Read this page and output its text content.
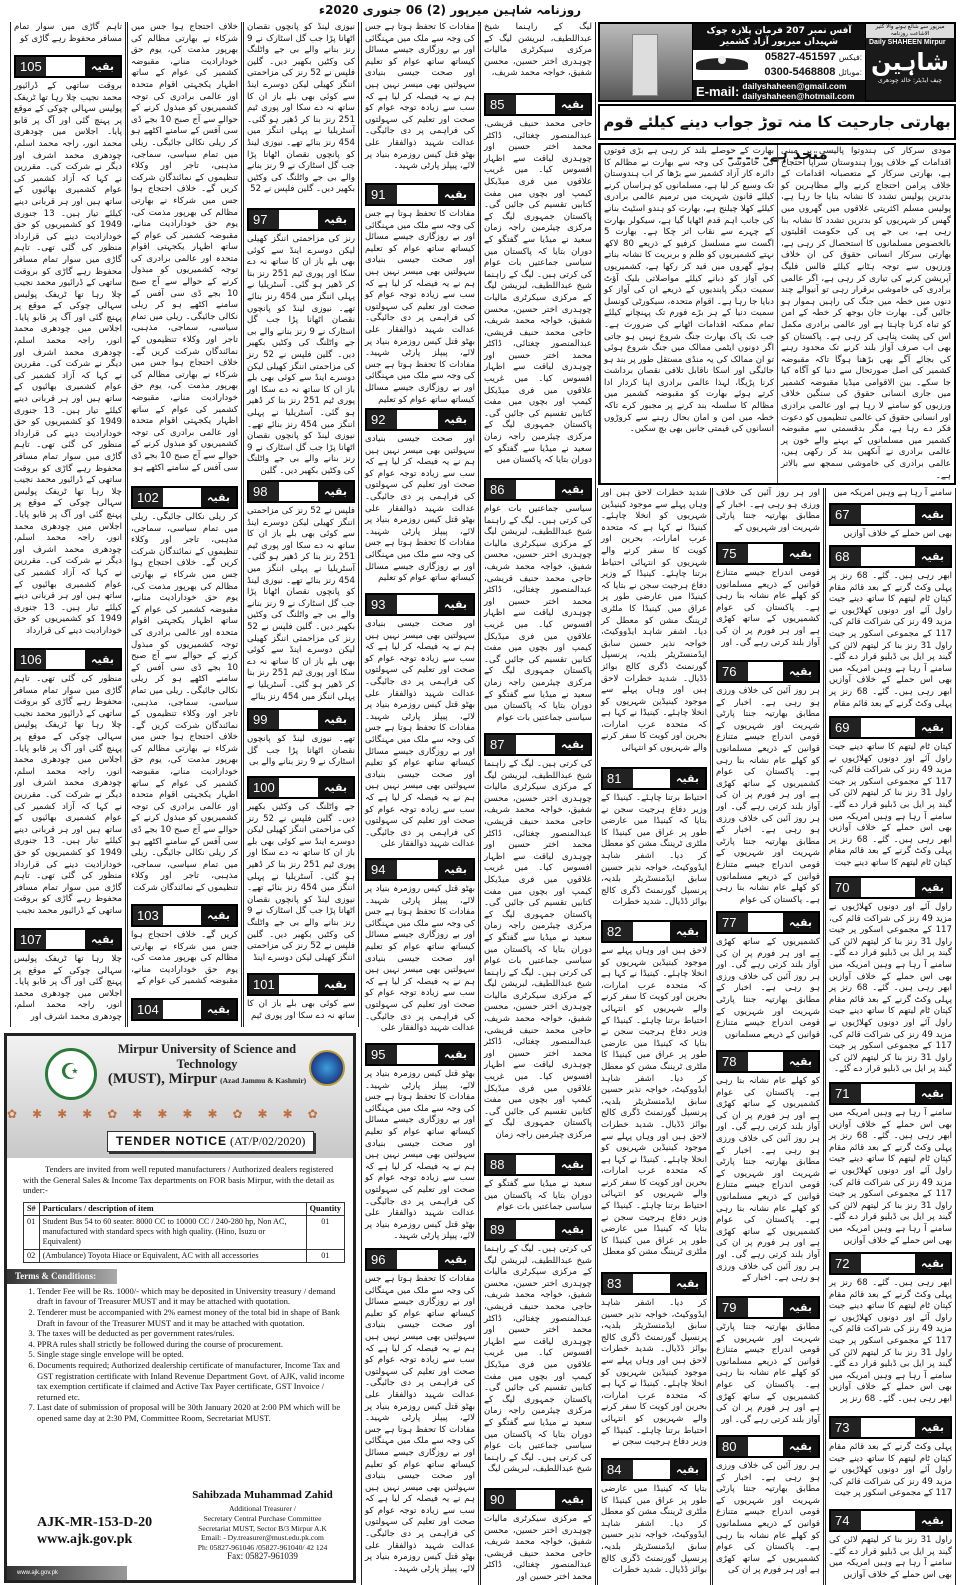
روزنامہ شاہین میرپور (2) 06 جنوری 2020ء
تاہم گاڑی میں سوار تمام مسافر محفوظ رہے گاڑی کو
105	بقیہ
بروقت ساتھی کے ڈرائیور محمد نجیب چلا رہا تھا ٹریفک پولیس سہالی چوکی کے موقع پر پہنچ گئی اور آگ پر قابو پایا۔ اجلاس میں چودھری محمد انور، راجہ محمد اسلم، چودھری محمد اشرف اور دیگر نے شرکت کی۔ مقررین نے کہا کہ آزاد کشمیر کی عوام کشمیری بھائیوں کے ساتھ ہیں اور ہر قربانی دینے کیلئے تیار ہیں۔ 13 جنوری 1949 کو کشمیریوں کو حق خودارادیت دینے کی قرارداد منظور کی گئی تھی۔ تاہم گاڑی میں سوار تمام مسافر محفوظ رہے گاڑی کو بروقت ساتھی کے ڈرائیور محمد نجیب چلا رہا تھا ٹریفک پولیس سہالی چوکی کے موقع پر پہنچ گئی اور آگ پر قابو پایا۔ اجلاس میں چودھری محمد انور، راجہ محمد اسلم، چودھری محمد اشرف اور دیگر نے شرکت کی۔ مقررین نے کہا کہ آزاد کشمیر کی عوام کشمیری بھائیوں کے ساتھ ہیں اور ہر قربانی دینے کیلئے تیار ہیں۔ 13 جنوری 1949 کو کشمیریوں کو حق خودارادیت دینے کی قرارداد منظور کی گئی تھی۔ تاہم گاڑی میں سوار تمام مسافر محفوظ رہے گاڑی کو بروقت ساتھی کے ڈرائیور محمد نجیب چلا رہا تھا ٹریفک پولیس سہالی چوکی کے موقع پر پہنچ گئی اور آگ پر قابو پایا۔ اجلاس میں چودھری محمد انور، راجہ محمد اسلم، چودھری محمد اشرف اور دیگر نے شرکت کی۔ مقررین نے کہا کہ آزاد کشمیر کی عوام کشمیری بھائیوں کے ساتھ ہیں اور ہر قربانی دینے کیلئے تیار ہیں۔ 13 جنوری 1949 کو کشمیریوں کو حق خودارادیت دینے کی قرارداد
106	بقیہ
منظور کی گئی تھی۔ تاہم گاڑی میں سوار تمام مسافر محفوظ رہے گاڑی کو بروقت ساتھی کے ڈرائیور محمد نجیب چلا رہا تھا ٹریفک پولیس سہالی چوکی کے موقع پر پہنچ گئی اور آگ پر قابو پایا۔ اجلاس میں چودھری محمد انور، راجہ محمد اسلم، چودھری محمد اشرف اور دیگر نے شرکت کی۔ مقررین نے کہا کہ آزاد کشمیر کی عوام کشمیری بھائیوں کے ساتھ ہیں اور ہر قربانی دینے کیلئے تیار ہیں۔ 13 جنوری 1949 کو کشمیریوں کو حق خودارادیت دینے کی قرارداد منظور کی گئی تھی۔ تاہم گاڑی میں سوار تمام مسافر محفوظ رہے گاڑی کو بروقت ساتھی کے ڈرائیور محمد نجیب
107	بقیہ
چلا رہا تھا ٹریفک پولیس سہالی چوکی کے موقع پر پہنچ گئی اور آگ پر قابو پایا۔ اجلاس میں چودھری محمد انور، راجہ محمد اسلم، چودھری محمد اشرف اور
خلاف احتجاج ہوا جس میں شرکاء نے بھارتی مظالم کی بھرپور مذمت کی، یوم حق خودارادیت منانے، مقبوضہ کشمیر کی عوام کے ساتھ اظہار یکجہتی اقوام متحدہ اور عالمی برادری کی توجہ کشمیریوں کو مبذول کرنے کے حوالے سے آج صبح 10 بجے ڈی سی آفس کے سامنے اکٹھے ہو کر ریلی نکالی جائیگی۔ ریلی میں تمام سیاسی، سماجی، مذہبی، تاجر اور وکلاء تنظیموں کے نمائندگان شرکت کریں گے۔ خلاف احتجاج ہوا جس میں شرکاء نے بھارتی مظالم کی بھرپور مذمت کی، یوم حق خودارادیت منانے، مقبوضہ کشمیر کی عوام کے ساتھ اظہار یکجہتی اقوام متحدہ اور عالمی برادری کی توجہ کشمیریوں کو مبذول کرنے کے حوالے سے آج صبح 10 بجے ڈی سی آفس کے سامنے اکٹھے ہو کر ریلی نکالی جائیگی۔ ریلی میں تمام سیاسی، سماجی، مذہبی، تاجر اور وکلاء تنظیموں کے نمائندگان شرکت کریں گے۔ خلاف احتجاج ہوا جس میں شرکاء نے بھارتی مظالم کی بھرپور مذمت کی، یوم حق خودارادیت منانے، مقبوضہ کشمیر کی عوام کے ساتھ اظہار یکجہتی اقوام متحدہ اور عالمی برادری کی توجہ کشمیریوں کو مبذول کرنے کے حوالے سے آج صبح 10 بجے ڈی سی آفس کے سامنے اکٹھے ہو
102	بقیہ
کر ریلی نکالی جائیگی۔ ریلی میں تمام سیاسی، سماجی، مذہبی، تاجر اور وکلاء تنظیموں کے نمائندگان شرکت کریں گے۔ خلاف احتجاج ہوا جس میں شرکاء نے بھارتی مظالم کی بھرپور مذمت کی، یوم حق خودارادیت منانے، مقبوضہ کشمیر کی عوام کے ساتھ اظہار یکجہتی اقوام متحدہ اور عالمی برادری کی توجہ کشمیریوں کو مبذول کرنے کے حوالے سے آج صبح 10 بجے ڈی سی آفس کے سامنے اکٹھے ہو کر ریلی نکالی جائیگی۔ ریلی میں تمام سیاسی، سماجی، مذہبی، تاجر اور وکلاء تنظیموں کے نمائندگان شرکت کریں گے۔ خلاف احتجاج ہوا جس میں شرکاء نے بھارتی مظالم کی بھرپور مذمت کی، یوم حق خودارادیت منانے، مقبوضہ کشمیر کی عوام کے ساتھ اظہار یکجہتی اقوام متحدہ اور عالمی برادری کی توجہ کشمیریوں کو مبذول کرنے کے حوالے سے آج صبح 10 بجے ڈی سی آفس کے سامنے اکٹھے ہو کر ریلی نکالی جائیگی۔ ریلی میں تمام سیاسی، سماجی، مذہبی، تاجر اور وکلاء تنظیموں کے نمائندگان شرکت
103	بقیہ
کریں گے۔ خلاف احتجاج ہوا جس میں شرکاء نے بھارتی مظالم کی بھرپور مذمت کی، یوم حق خودارادیت منانے، مقبوضہ کشمیر کی عوام کے
104	بقیہ
نیوزی لینڈ کو پانچوں نقصان اٹھانا پڑا جب گل اسٹارک نے 9 رنز بنانے والے بی جے واٹلنگ کی وکٹیں بکھیر دیں۔ گلین فلپس نے 52 رنز کی مزاحمتی اننگز کھیلی لیکن دوسرے اینڈ سے کوئی بھی بلے باز ان کا ساتھ نہ دے سکا اور پوری ٹیم 251 رنز بنا کر ڈھیر ہو گئی۔ آسٹریلیا نے پہلی اننگز میں 454 رنز بنائے تھے۔ نیوزی لینڈ کو پانچوں نقصان اٹھانا پڑا جب گل اسٹارک نے 9 رنز بنانے والے بی جے واٹلنگ کی وکٹیں بکھیر دیں۔ گلین فلپس نے 52
97	بقیہ
رنز کی مزاحمتی اننگز کھیلی لیکن دوسرے اینڈ سے کوئی بھی بلے باز ان کا ساتھ نہ دے سکا اور پوری ٹیم 251 رنز بنا کر ڈھیر ہو گئی۔ آسٹریلیا نے پہلی اننگز میں 454 رنز بنائے تھے۔ نیوزی لینڈ کو پانچوں نقصان اٹھانا پڑا جب گل اسٹارک نے 9 رنز بنانے والے بی جے واٹلنگ کی وکٹیں بکھیر دیں۔ گلین فلپس نے 52 رنز کی مزاحمتی اننگز کھیلی لیکن دوسرے اینڈ سے کوئی بھی بلے باز ان کا ساتھ نہ دے سکا اور پوری ٹیم 251 رنز بنا کر ڈھیر ہو گئی۔ آسٹریلیا نے پہلی اننگز میں 454 رنز بنائے تھے۔ نیوزی لینڈ کو پانچوں نقصان اٹھانا پڑا جب گل اسٹارک نے 9 رنز بنانے والے بی جے واٹلنگ کی وکٹیں بکھیر دیں۔ گلین
98	بقیہ
فلپس نے 52 رنز کی مزاحمتی اننگز کھیلی لیکن دوسرے اینڈ سے کوئی بھی بلے باز ان کا ساتھ نہ دے سکا اور پوری ٹیم 251 رنز بنا کر ڈھیر ہو گئی۔ آسٹریلیا نے پہلی اننگز میں 454 رنز بنائے تھے۔ نیوزی لینڈ کو پانچوں نقصان اٹھانا پڑا جب گل اسٹارک نے 9 رنز بنانے والے بی جے واٹلنگ کی وکٹیں بکھیر دیں۔ گلین فلپس نے 52 رنز کی مزاحمتی اننگز کھیلی لیکن دوسرے اینڈ سے کوئی بھی بلے باز ان کا ساتھ نہ دے سکا اور پوری ٹیم 251 رنز بنا کر ڈھیر ہو گئی۔ آسٹریلیا نے پہلی اننگز میں 454 رنز بنائے
99	بقیہ
تھے۔ نیوزی لینڈ کو پانچوں نقصان اٹھانا پڑا جب گل اسٹارک نے 9 رنز بنانے والے بی
100	بقیہ
جے واٹلنگ کی وکٹیں بکھیر دیں۔ گلین فلپس نے 52 رنز کی مزاحمتی اننگز کھیلی لیکن دوسرے اینڈ سے کوئی بھی بلے باز ان کا ساتھ نہ دے سکا اور پوری ٹیم 251 رنز بنا کر ڈھیر ہو گئی۔ آسٹریلیا نے پہلی اننگز میں 454 رنز بنائے تھے۔ نیوزی لینڈ کو پانچوں نقصان اٹھانا پڑا جب گل اسٹارک نے 9 رنز بنانے والے بی جے واٹلنگ کی وکٹیں بکھیر دیں۔ گلین فلپس نے 52 رنز کی مزاحمتی اننگز کھیلی لیکن دوسرے اینڈ
101	بقیہ
سے کوئی بھی بلے باز ان کا ساتھ نہ دے سکا اور پوری ٹیم
مفادات کا تحفظ ہوتا ہے جس کی وجہ سے ملک میں مہنگائی اور بے روزگاری جیسے مسائل کیساتھ ساتھ عوام کو تعلیم اور صحت جیسی بنیادی سہولتیں بھی میسر نہیں ہیں ہم نے یہ فیصلہ کر لیا ہے کہ سب سے زیادہ توجہ عوام کو صحت اور تعلیم کی سہولتوں کی فراہمی پر دی جائیگی۔ عدالت شہید ذوالفقار علی بھٹو قتل کیس روزمرہ بنیاد پر لائے، پیپلز پارٹی شہید۔
91	بقیہ
مفادات کا تحفظ ہوتا ہے جس کی وجہ سے ملک میں مہنگائی اور بے روزگاری جیسے مسائل کیساتھ ساتھ عوام کو تعلیم اور صحت جیسی بنیادی سہولتیں بھی میسر نہیں ہیں ہم نے یہ فیصلہ کر لیا ہے کہ سب سے زیادہ توجہ عوام کو صحت اور تعلیم کی سہولتوں کی فراہمی پر دی جائیگی۔ عدالت شہید ذوالفقار علی بھٹو قتل کیس روزمرہ بنیاد پر لائے، پیپلز پارٹی شہید۔ مفادات کا تحفظ ہوتا ہے جس کی وجہ سے ملک میں مہنگائی اور بے روزگاری جیسے مسائل کیساتھ ساتھ عوام کو تعلیم
92	بقیہ
اور صحت جیسی بنیادی سہولتیں بھی میسر نہیں ہیں ہم نے یہ فیصلہ کر لیا ہے کہ سب سے زیادہ توجہ عوام کو صحت اور تعلیم کی سہولتوں کی فراہمی پر دی جائیگی۔ عدالت شہید ذوالفقار علی بھٹو قتل کیس روزمرہ بنیاد پر لائے، پیپلز پارٹی شہید۔ مفادات کا تحفظ ہوتا ہے جس کی وجہ سے ملک میں مہنگائی اور بے روزگاری جیسے مسائل کیساتھ ساتھ عوام کو تعلیم
93	بقیہ
اور صحت جیسی بنیادی سہولتیں بھی میسر نہیں ہیں ہم نے یہ فیصلہ کر لیا ہے کہ سب سے زیادہ توجہ عوام کو صحت اور تعلیم کی سہولتوں کی فراہمی پر دی جائیگی۔ عدالت شہید ذوالفقار علی بھٹو قتل کیس روزمرہ بنیاد پر لائے، پیپلز پارٹی شہید۔ مفادات کا تحفظ ہوتا ہے جس کی وجہ سے ملک میں مہنگائی اور بے روزگاری جیسے مسائل کیساتھ ساتھ عوام کو تعلیم اور صحت جیسی بنیادی سہولتیں بھی میسر نہیں ہیں ہم نے یہ فیصلہ کر لیا ہے کہ سب سے زیادہ توجہ عوام کو صحت اور تعلیم کی سہولتوں کی فراہمی پر دی جائیگی۔ عدالت شہید ذوالفقار علی
94	بقیہ
بھٹو قتل کیس روزمرہ بنیاد پر لائے، پیپلز پارٹی شہید۔ مفادات کا تحفظ ہوتا ہے جس کی وجہ سے ملک میں مہنگائی اور بے روزگاری جیسے مسائل کیساتھ ساتھ عوام کو تعلیم اور صحت جیسی بنیادی سہولتیں بھی میسر نہیں ہیں ہم نے یہ فیصلہ کر لیا ہے کہ سب سے زیادہ توجہ عوام کو صحت اور تعلیم کی سہولتوں کی فراہمی پر دی جائیگی۔ عدالت شہید ذوالفقار علی
95	بقیہ
بھٹو قتل کیس روزمرہ بنیاد پر لائے، پیپلز پارٹی شہید۔ مفادات کا تحفظ ہوتا ہے جس کی وجہ سے ملک میں مہنگائی اور بے روزگاری جیسے مسائل کیساتھ ساتھ عوام کو تعلیم اور صحت جیسی بنیادی سہولتیں بھی میسر نہیں ہیں ہم نے یہ فیصلہ کر لیا ہے کہ سب سے زیادہ توجہ عوام کو صحت اور تعلیم کی سہولتوں کی فراہمی پر دی جائیگی۔ عدالت شہید ذوالفقار علی بھٹو قتل کیس روزمرہ بنیاد پر لائے، پیپلز پارٹی شہید۔
96	بقیہ
مفادات کا تحفظ ہوتا ہے جس کی وجہ سے ملک میں مہنگائی اور بے روزگاری جیسے مسائل کیساتھ ساتھ عوام کو تعلیم اور صحت جیسی بنیادی سہولتیں بھی میسر نہیں ہیں ہم نے یہ فیصلہ کر لیا ہے کہ سب سے زیادہ توجہ عوام کو صحت اور تعلیم کی سہولتوں کی فراہمی پر دی جائیگی۔ عدالت شہید ذوالفقار علی بھٹو قتل کیس روزمرہ بنیاد پر لائے، پیپلز پارٹی شہید۔ مفادات کا تحفظ ہوتا ہے جس کی وجہ سے ملک میں مہنگائی اور بے روزگاری جیسے مسائل کیساتھ ساتھ عوام کو تعلیم اور صحت جیسی بنیادی سہولتیں بھی میسر نہیں ہیں ہم نے یہ فیصلہ کر لیا ہے کہ سب سے زیادہ توجہ عوام کو صحت اور تعلیم کی سہولتوں کی فراہمی پر دی جائیگی۔ عدالت شہید ذوالفقار علی بھٹو قتل کیس روزمرہ بنیاد پر لائے، پیپلز پارٹی شہید۔
لیگ کے راہنما شیخ عبداللطیف، لبریشن لیگ کے مرکزی سیکرٹری مالیات چوہدری اختر حسین، محسن شفیق، خواجہ محمد شریف،
85	بقیہ
حاجی محمد حنیف قریشی، عبدالمنصور چغتائی، ڈاکٹر محمد اختر حسین اور چوہدری لیاقت سے اظہار افسوس کیا۔ میں غریب علاقوں میں فری میڈیکل کیمپ اور بچوں میں مفت کتابیں تقسیم کی جائیں گی۔ پاکستان جمہوری لیگ کے مرکزی چیئرمین راجہ زمان سعید نے میڈیا سے گفتگو کے دوران بتایا کہ پاکستان میں سیاسی جماعتیں بات عوام کی کرتی ہیں۔ لیگ کے راہنما شیخ عبداللطیف، لبریشن لیگ کے مرکزی سیکرٹری مالیات چوہدری اختر حسین، محسن شفیق، خواجہ محمد شریف، حاجی محمد حنیف قریشی، عبدالمنصور چغتائی، ڈاکٹر محمد اختر حسین اور چوہدری لیاقت سے اظہار افسوس کیا۔ میں غریب علاقوں میں فری میڈیکل کیمپ اور بچوں میں مفت کتابیں تقسیم کی جائیں گی۔ پاکستان جمہوری لیگ کے مرکزی چیئرمین راجہ زمان سعید نے میڈیا سے گفتگو کے دوران بتایا کہ پاکستان میں
86	بقیہ
سیاسی جماعتیں بات عوام کی کرتی ہیں۔ لیگ کے راہنما شیخ عبداللطیف، لبریشن لیگ کے مرکزی سیکرٹری مالیات چوہدری اختر حسین، محسن شفیق، خواجہ محمد شریف، حاجی محمد حنیف قریشی، عبدالمنصور چغتائی، ڈاکٹر محمد اختر حسین اور چوہدری لیاقت سے اظہار افسوس کیا۔ میں غریب علاقوں میں فری میڈیکل کیمپ اور بچوں میں مفت کتابیں تقسیم کی جائیں گی۔ پاکستان جمہوری لیگ کے مرکزی چیئرمین راجہ زمان سعید نے میڈیا سے گفتگو کے دوران بتایا کہ پاکستان میں سیاسی جماعتیں بات عوام
87	بقیہ
کی کرتی ہیں۔ لیگ کے راہنما شیخ عبداللطیف، لبریشن لیگ کے مرکزی سیکرٹری مالیات چوہدری اختر حسین، محسن شفیق، خواجہ محمد شریف، حاجی محمد حنیف قریشی، عبدالمنصور چغتائی، ڈاکٹر محمد اختر حسین اور چوہدری لیاقت سے اظہار افسوس کیا۔ میں غریب علاقوں میں فری میڈیکل کیمپ اور بچوں میں مفت کتابیں تقسیم کی جائیں گی۔ پاکستان جمہوری لیگ کے مرکزی چیئرمین راجہ زمان سعید نے میڈیا سے گفتگو کے دوران بتایا کہ پاکستان میں سیاسی جماعتیں بات عوام کی کرتی ہیں۔ لیگ کے راہنما شیخ عبداللطیف، لبریشن لیگ کے مرکزی سیکرٹری مالیات چوہدری اختر حسین، محسن شفیق، خواجہ محمد شریف، حاجی محمد حنیف قریشی، عبدالمنصور چغتائی، ڈاکٹر محمد اختر حسین اور چوہدری لیاقت سے اظہار افسوس کیا۔ میں غریب علاقوں میں فری میڈیکل کیمپ اور بچوں میں مفت کتابیں تقسیم کی جائیں گی۔ پاکستان جمہوری لیگ کے مرکزی چیئرمین راجہ زمان
88	بقیہ
سعید نے میڈیا سے گفتگو کے دوران بتایا کہ پاکستان میں سیاسی جماعتیں بات عوام
89	بقیہ
کی کرتی ہیں۔ لیگ کے راہنما شیخ عبداللطیف، لبریشن لیگ کے مرکزی سیکرٹری مالیات چوہدری اختر حسین، محسن شفیق، خواجہ محمد شریف، حاجی محمد حنیف قریشی، عبدالمنصور چغتائی، ڈاکٹر محمد اختر حسین اور چوہدری لیاقت سے اظہار افسوس کیا۔ میں غریب علاقوں میں فری میڈیکل کیمپ اور بچوں میں مفت کتابیں تقسیم کی جائیں گی۔ پاکستان جمہوری لیگ کے مرکزی چیئرمین راجہ زمان سعید نے میڈیا سے گفتگو کے دوران بتایا کہ پاکستان میں سیاسی جماعتیں بات عوام کی کرتی ہیں۔ لیگ کے راہنما شیخ عبداللطیف، لبریشن لیگ
90	بقیہ
کے مرکزی سیکرٹری مالیات چوہدری اختر حسین، محسن شفیق، خواجہ محمد شریف، حاجی محمد حنیف قریشی، عبدالمنصور چغتائی، ڈاکٹر محمد اختر حسین اور
شدید خطرات لاحق ہیں اور وہاں پہلے سے موجود کینیڈین شہریوں کو انخلا چاہئے۔ کینیڈا نے کہا ہے کہ متحدہ عرب امارات، بحرین اور کویت کا سفر کرنے والے شہریوں کو انتہائی احتیاط برتنا چاہئے۔ کینیڈا کے وزیر دفاع ہرجیت سجن نے بتایا کہ کینیڈا میں عارضی طور پر عراق میں کینیڈا کا ملٹری ٹریننگ مشن کو معطل کر دیا۔ اشفر شاہد ایڈووکیٹ، خواجہ نذیر حسین سابق ایڈمنسٹریٹر بلدیہ، پرنسپل گورنمنٹ ڈگری کالج بوائز ڈڈیال۔ شدید خطرات لاحق ہیں اور وہاں پہلے سے موجود کینیڈین شہریوں کو انخلا چاہئے۔ کینیڈا نے کہا ہے کہ متحدہ عرب امارات، بحرین اور کویت کا سفر کرنے والے شہریوں کو انتہائی
81	بقیہ
احتیاط برتنا چاہئے۔ کینیڈا کے وزیر دفاع ہرجیت سجن نے بتایا کہ کینیڈا میں عارضی طور پر عراق میں کینیڈا کا ملٹری ٹریننگ مشن کو معطل کر دیا۔ اشفر شاہد ایڈووکیٹ، خواجہ نذیر حسین سابق ایڈمنسٹریٹر بلدیہ، پرنسپل گورنمنٹ ڈگری کالج بوائز ڈڈیال۔ شدید خطرات
82	بقیہ
لاحق ہیں اور وہاں پہلے سے موجود کینیڈین شہریوں کو انخلا چاہئے۔ کینیڈا نے کہا ہے کہ متحدہ عرب امارات، بحرین اور کویت کا سفر کرنے والے شہریوں کو انتہائی احتیاط برتنا چاہئے۔ کینیڈا کے وزیر دفاع ہرجیت سجن نے بتایا کہ کینیڈا میں عارضی طور پر عراق میں کینیڈا کا ملٹری ٹریننگ مشن کو معطل کر دیا۔ اشفر شاہد ایڈووکیٹ، خواجہ نذیر حسین سابق ایڈمنسٹریٹر بلدیہ، پرنسپل گورنمنٹ ڈگری کالج بوائز ڈڈیال۔ شدید خطرات لاحق ہیں اور وہاں پہلے سے موجود کینیڈین شہریوں کو انخلا چاہئے۔ کینیڈا نے کہا ہے کہ متحدہ عرب امارات، بحرین اور کویت کا سفر کرنے والے شہریوں کو انتہائی احتیاط برتنا چاہئے۔ کینیڈا کے وزیر دفاع ہرجیت سجن نے بتایا کہ کینیڈا میں عارضی طور پر عراق میں کینیڈا کا ملٹری ٹریننگ مشن کو معطل
83	بقیہ
کر دیا۔ اشفر شاہد ایڈووکیٹ، خواجہ نذیر حسین سابق ایڈمنسٹریٹر بلدیہ، پرنسپل گورنمنٹ ڈگری کالج بوائز ڈڈیال۔ شدید خطرات لاحق ہیں اور وہاں پہلے سے موجود کینیڈین شہریوں کو انخلا چاہئے۔ کینیڈا نے کہا ہے کہ متحدہ عرب امارات، بحرین اور کویت کا سفر کرنے والے شہریوں کو انتہائی احتیاط برتنا چاہئے۔ کینیڈا کے وزیر دفاع ہرجیت سجن نے
84	بقیہ
بتایا کہ کینیڈا میں عارضی طور پر عراق میں کینیڈا کا ملٹری ٹریننگ مشن کو معطل کر دیا۔ اشفر شاہد ایڈووکیٹ، خواجہ نذیر حسین سابق ایڈمنسٹریٹر بلدیہ، پرنسپل گورنمنٹ ڈگری کالج بوائز ڈڈیال۔ شدید خطرات
اور ہر روز آئین کی خلاف ورزی ہو رہی ہے۔ اخبار کے مطابق بھارتیہ جنتا پارٹی شہریت اور شہریوں کے
75	بقیہ
قومی اندراج جیسے متنازع قوانین کے ذریعے مسلمانوں کو کھلے عام نشانہ بنا رہی ہے۔ پاکستان کی عوام کشمیریوں کے ساتھ کھڑی ہے اور ہر فورم پر ان کی آواز بلند کرتی رہے گی۔ اور
76	بقیہ
ہر روز آئین کی خلاف ورزی ہو رہی ہے۔ اخبار کے مطابق بھارتیہ جنتا پارٹی شہریت اور شہریوں کے قومی اندراج جیسے متنازع قوانین کے ذریعے مسلمانوں کو کھلے عام نشانہ بنا رہی ہے۔ پاکستان کی عوام کشمیریوں کے ساتھ کھڑی ہے اور ہر فورم پر ان کی آواز بلند کرتی رہے گی۔ اور ہر روز آئین کی خلاف ورزی ہو رہی ہے۔ اخبار کے مطابق بھارتیہ جنتا پارٹی شہریت اور شہریوں کے قومی اندراج جیسے متنازع قوانین کے ذریعے مسلمانوں کو کھلے عام نشانہ بنا رہی ہے۔ پاکستان کی عوام
77	بقیہ
کشمیریوں کے ساتھ کھڑی ہے اور ہر فورم پر ان کی آواز بلند کرتی رہے گی۔ اور ہر روز آئین کی خلاف ورزی ہو رہی ہے۔ اخبار کے مطابق بھارتیہ جنتا پارٹی شہریت اور شہریوں کے قومی اندراج جیسے متنازع قوانین کے ذریعے مسلمانوں
78	بقیہ
کو کھلے عام نشانہ بنا رہی ہے۔ پاکستان کی عوام کشمیریوں کے ساتھ کھڑی ہے اور ہر فورم پر ان کی آواز بلند کرتی رہے گی۔ اور ہر روز آئین کی خلاف ورزی ہو رہی ہے۔ اخبار کے مطابق بھارتیہ جنتا پارٹی شہریت اور شہریوں کے قومی اندراج جیسے متنازع قوانین کے ذریعے مسلمانوں کو کھلے عام نشانہ بنا رہی ہے۔ پاکستان کی عوام کشمیریوں کے ساتھ کھڑی ہے اور ہر فورم پر ان کی آواز بلند کرتی رہے گی۔ اور ہر روز آئین کی خلاف ورزی ہو رہی ہے۔ اخبار کے
79	بقیہ
مطابق بھارتیہ جنتا پارٹی شہریت اور شہریوں کے قومی اندراج جیسے متنازع قوانین کے ذریعے مسلمانوں کو کھلے عام نشانہ بنا رہی ہے۔ پاکستان کی عوام کشمیریوں کے ساتھ کھڑی ہے اور ہر فورم پر ان کی آواز بلند کرتی رہے گی۔ اور
80	بقیہ
ہر روز آئین کی خلاف ورزی ہو رہی ہے۔ اخبار کے مطابق بھارتیہ جنتا پارٹی شہریت اور شہریوں کے قومی اندراج جیسے متنازع قوانین کے ذریعے مسلمانوں کو کھلے عام نشانہ بنا رہی ہے۔ پاکستان کی عوام کشمیریوں کے ساتھ کھڑی ہے اور ہر فورم پر ان کی
سامنے آ رہا ہے وہیں امریکہ میں
67	بقیہ
بھی اس حملے کے خلاف آوازیں
68	بقیہ
ابھر رہی ہیں۔ گئے۔ 68 رنز پر پہلی وکٹ گرنے کے بعد قائم مقام کپتان ٹام لیتھم کا ساتھ دینے جیت راول آئے اور دونوں کھلاڑیوں نے مزید 49 رنز کی شراکت قائم کی، 117 کے مجموعی اسکور پر جیت راول 31 رنز بنا کر لیتھم لائن کی گیند پر ایل بی ڈبلیو قرار دے گئے۔ سامنے آ رہا ہے وہیں امریکہ میں بھی اس حملے کے خلاف آوازیں ابھر رہی ہیں۔ گئے۔ 68 رنز پر پہلی وکٹ گرنے کے بعد قائم مقام
69	بقیہ
کپتان ٹام لیتھم کا ساتھ دینے جیت راول آئے اور دونوں کھلاڑیوں نے مزید 49 رنز کی شراکت قائم کی، 117 کے مجموعی اسکور پر جیت راول 31 رنز بنا کر لیتھم لائن کی گیند پر ایل بی ڈبلیو قرار دے گئے۔ سامنے آ رہا ہے وہیں امریکہ میں بھی اس حملے کے خلاف آوازیں ابھر رہی ہیں۔ گئے۔ 68 رنز پر پہلی وکٹ گرنے کے بعد قائم مقام کپتان ٹام لیتھم کا ساتھ دینے جیت
70	بقیہ
راول آئے اور دونوں کھلاڑیوں نے مزید 49 رنز کی شراکت قائم کی، 117 کے مجموعی اسکور پر جیت راول 31 رنز بنا کر لیتھم لائن کی گیند پر ایل بی ڈبلیو قرار دے گئے۔ سامنے آ رہا ہے وہیں امریکہ میں بھی اس حملے کے خلاف آوازیں ابھر رہی ہیں۔ گئے۔ 68 رنز پر پہلی وکٹ گرنے کے بعد قائم مقام کپتان ٹام لیتھم کا ساتھ دینے جیت راول آئے اور دونوں کھلاڑیوں نے مزید 49 رنز کی شراکت قائم کی، 117 کے مجموعی اسکور پر جیت راول 31 رنز بنا کر لیتھم لائن کی گیند پر ایل بی ڈبلیو قرار دے گئے۔
71	بقیہ
سامنے آ رہا ہے وہیں امریکہ میں بھی اس حملے کے خلاف آوازیں ابھر رہی ہیں۔ گئے۔ 68 رنز پر پہلی وکٹ گرنے کے بعد قائم مقام کپتان ٹام لیتھم کا ساتھ دینے جیت راول آئے اور دونوں کھلاڑیوں نے مزید 49 رنز کی شراکت قائم کی، 117 کے مجموعی اسکور پر جیت راول 31 رنز بنا کر لیتھم لائن کی گیند پر ایل بی ڈبلیو قرار دے گئے۔ سامنے آ رہا ہے وہیں امریکہ میں بھی اس حملے کے خلاف آوازیں
72	بقیہ
ابھر رہی ہیں۔ گئے۔ 68 رنز پر پہلی وکٹ گرنے کے بعد قائم مقام کپتان ٹام لیتھم کا ساتھ دینے جیت راول آئے اور دونوں کھلاڑیوں نے مزید 49 رنز کی شراکت قائم کی، 117 کے مجموعی اسکور پر جیت راول 31 رنز بنا کر لیتھم لائن کی گیند پر ایل بی ڈبلیو قرار دے گئے۔ سامنے آ رہا ہے وہیں امریکہ میں بھی اس حملے کے خلاف آوازیں ابھر رہی ہیں۔ گئے۔ 68 رنز پر
73	بقیہ
پہلی وکٹ گرنے کے بعد قائم مقام کپتان ٹام لیتھم کا ساتھ دینے جیت راول آئے اور دونوں کھلاڑیوں نے مزید 49 رنز کی شراکت قائم کی، 117 کے مجموعی اسکور پر جیت
74	بقیہ
راول 31 رنز بنا کر لیتھم لائن کی گیند پر ایل بی ڈبلیو قرار دے گئے۔ سامنے آ رہا ہے وہیں امریکہ میں بھی اس حملے کے خلاف آوازیں
آفس نمبر 207 فرمان پلازہ چوک شہیداں میرپور آزاد کشمیر
05827-451597 فیکس:
0300-5468808 موبائل:
E-mail: dailyshaheen@gmail.com
dailyshaheen@hotmail.com
میرپور سے شائع ہونے والا کثیر الاشاعت روزنامہ
Daily SHAHEEN Mirpur
شاہین
چیف ایڈیٹر: خالد چودھری
بھارتی جارحیت کا منہ توڑ جواب دینے کیلئے قوم متحد ہے۔۔۔۔۔
مودی سرکار کی ہندوتوا پالیسی پر مبنی اقدامات کے خلاف پورا ہندوستان سراپا احتجاج ہے، بھارتی سرکار کے متعصبانہ اقدامات کے خلاف پرامن احتجاج کرنے والے مظاہرین کو بدترین پولیس تشدد کا نشانہ بنایا جا رہا ہے، پولیس مسلم اکثریتی علاقوں میں گھروں میں گھس کر شہریوں کو بدترین تشدد کا نشانہ بنا رہی ہے، بی جے پی کی حکومت اقلیتوں بالخصوص مسلمانوں کا استحصال کر رہی ہے، بھارتی سرکار انسانی حقوق کی ان خلاف ورزیوں سے توجہ ہٹانے کیلئے فالس فلیگ آپریشن کرنے کی تیاری کر رہی ہے، اگر عالمی برادری کی خاموشی برقرار رہی تو آنیوالے چند دنوں میں خطہ میں جنگ کی راہیں ہموار ہو جائیں گی۔ بھارت جان بوجھ کر خطہ کے امن کو تباہ کرنا چاہتا ہے اور عالمی برادری مکمل اس کی پشت پناہی کر رہی ہے۔ پاکستان کو بھی اب صرف آواز بلند کرنے تک محدود رہنے کی بجائے آگے بھی بڑھنا ہوگا تاکہ مقبوضہ کشمیر کی اصل صورتحال سے دنیا کو آگاہ کیا جا سکے۔ بین الاقوامی میڈیا مقبوضہ کشمیر میں جاری انسانی حقوق کی سنگین خلاف ورزیوں کو سامنے لا رہا ہے اور عالمی برادری اور انسانی حقوق کی عالمی تنظیموں کو دعوت فکر دے رہا ہے، مگر بدقسمتی سے مقبوضہ کشمیر میں مسلمانوں کے بہنے والے خون پر عالمی برادری نے آنکھیں بند کر رکھی ہیں، عالمی برادری کی خاموشی سمجھ سے بالاتر ہے۔
بھارت کے حوصلے بلند کر رہی ہے بڑی قوتوں کی خاموشی کی وجہ سے بھارت نے مظالم کا دائرہ کار آزاد کشمیر سے بڑھا کر اب ہندوستان تک وسیع کر لیا ہے، مسلمانوں کو ہراساں کرنے کیلئے قانون شہریت میں ترمیم عالمی برادری کیلئے کھلا چیلنج ہے، بھارت کو ہندو اسٹیٹ بنانے کی جانب اہم قدم اٹھایا گیا ہے، سیکولر بھارت کے چہرے سے نقاب اتر چکا ہے۔ بھارت 5 اگست سے مسلسل کرفیو کے ذریعے 80 لاکھ نہتے کشمیریوں کو ظلم و بربریت کا نشانہ بناتے ہوئے گھروں میں قید کر رکھا ہے، کشمیریوں کی آواز کو دبانے کیلئے مواصلاتی بلیک آؤٹ سمیت دیگر پابندیوں کے ذریعے ان کی آواز کو دبایا جا رہا ہے۔ اقوام متحدہ، سیکورٹی کونسل سمیت دنیا کے ہر بڑے فورم تک پہنچانے کیلئے تمام ممکنہ اقدامات اٹھانے کی ضرورت ہے۔ جب تک پاک بھارت جنگ شروع نہیں ہو جاتی اگر دونوں ایٹمی ممالک میں جنگ شروع ہوئی تو ان ممالک کی یہ منڈی مستقل طور پر بند ہو جائیگی اور اسکا ناقابل تلافی نقصان برداشت کرنا پڑیگا، لہذا عالمی برادری اپنا کردار ادا کرتے ہوئے بھارت کو مقبوضہ کشمیر میں مظالم کا سلسلہ بند کرنے پر مجبور کرے تاکہ خطہ میں امن و امان بحال رہنے سے کروڑوں انسانوں کی قیمتی جانیں بھی بچ سکیں۔
☪
Mirpur University of Science and Technology
(MUST), Mirpur (Azad Jammu & Kashmir)
✿ ✱ ✱ ✱ ✿ ✱ ✱ ✱ ✱ ✿ ✱ ✱ ✿
TENDER NOTICE (AT/P/02/2020)

Tenders are invited from well reputed manufacturers / Authorized dealers registered with the General Sales & Income Tax departments on FOR basis Mirpur, with the detail as under:-

S#	Particulars / description of item	Quantity
01	Student Bus 54 to 60 seater. 8000 CC to 10000 CC / 240-280 hp, Non AC, manufactured with standard specs with high quality. (Hino, Isuzu or Equivalent)	01
02	(Ambulance) Toyota Hiace or Equivalent, AC with all accessories	01
Terms & Conditions:
1. Tender Fee will be Rs. 1000/- which may be deposited in University treasury / demand draft in favour of Treasurer MUST and it may be attached with quotation.
2. Tenderer must be accompanied with 2% earnest money of the total bid in shape of Bank Draft in favour of the Treasurer MUST and it may be attached with quotation.
3. The taxes will be deducted as per government rates/rules.
4. PPRA rules shall strictly be followed during the course of procurement.
5. Single stage single envelope will be opted.
6. Documents required; Authorized dealership certificate of manufacturer, Income Tax and GST registration certificate with Inland Revenue Department Govt. of AJK, valid income tax exemption certificate if claimed and Active Tax Payer certificate, GST Invoice / returned etc.
7. Last date of submission of proposal will be 30th January 2020 at 2:00 PM which will be opened same day at 2:30 PM, Committee Room, Secretariat MUST.
AJK-MR-153-D-20
www.ajk.gov.pk
Sahibzada Muhammad Zahid
Additional Treasurer /
Secretary Central Purchase Committee
Secretariat MUST, Sector B/3 Mirpur A.K
Email: - Dy.treasurer@must.edu.pk.com
Ph: 05827-961046 /05827-961040/ 42 124
Fax: 05827-961039
www.ajk.gov.pk
